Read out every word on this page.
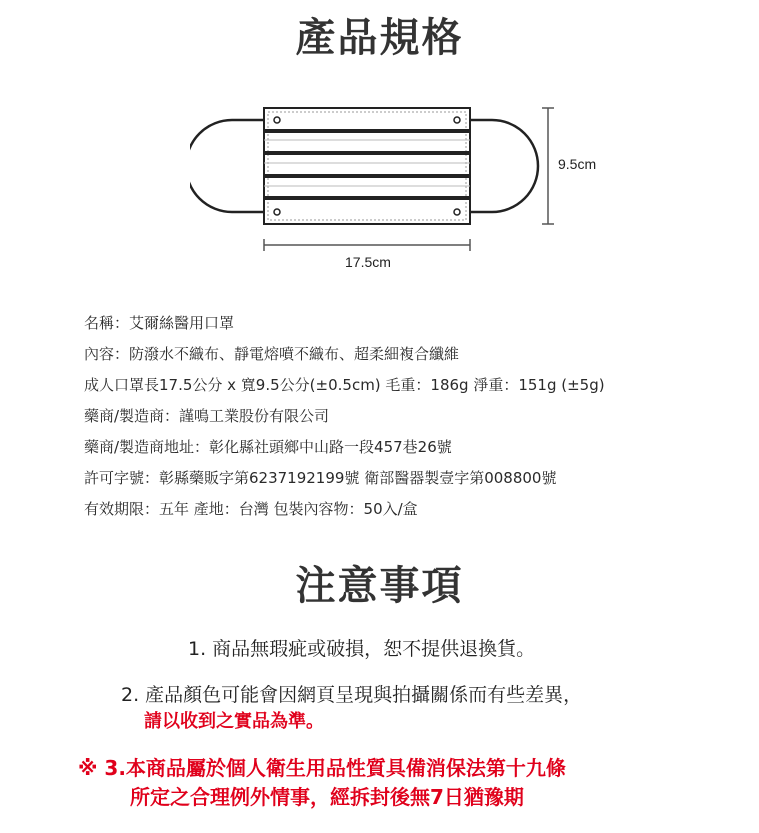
產品規格
9.5cm
17.5cm
名稱：艾爾絲醫用口罩
內容：防潑水不織布、靜電熔噴不織布、超柔細複合纖維
成人口罩長17.5公分 x 寬9.5公分(±0.5cm) 毛重：186g 淨重：151g (±5g)
藥商/製造商：謹鳴工業股份有限公司
藥商/製造商地址：彰化縣社頭鄉中山路一段457巷26號
許可字號：彰縣藥販字第6237192199號 衛部醫器製壹字第008800號
有效期限：五年 產地：台灣 包裝內容物：50入/盒
注意事項
1. 商品無瑕疵或破損，恕不提供退換貨。
2. 產品顏色可能會因網頁呈現與拍攝關係而有些差異，
請以收到之實品為準。
※ 3.本商品屬於個人衛生用品性質具備消保法第十九條
所定之合理例外情事，經拆封後無7日猶豫期
